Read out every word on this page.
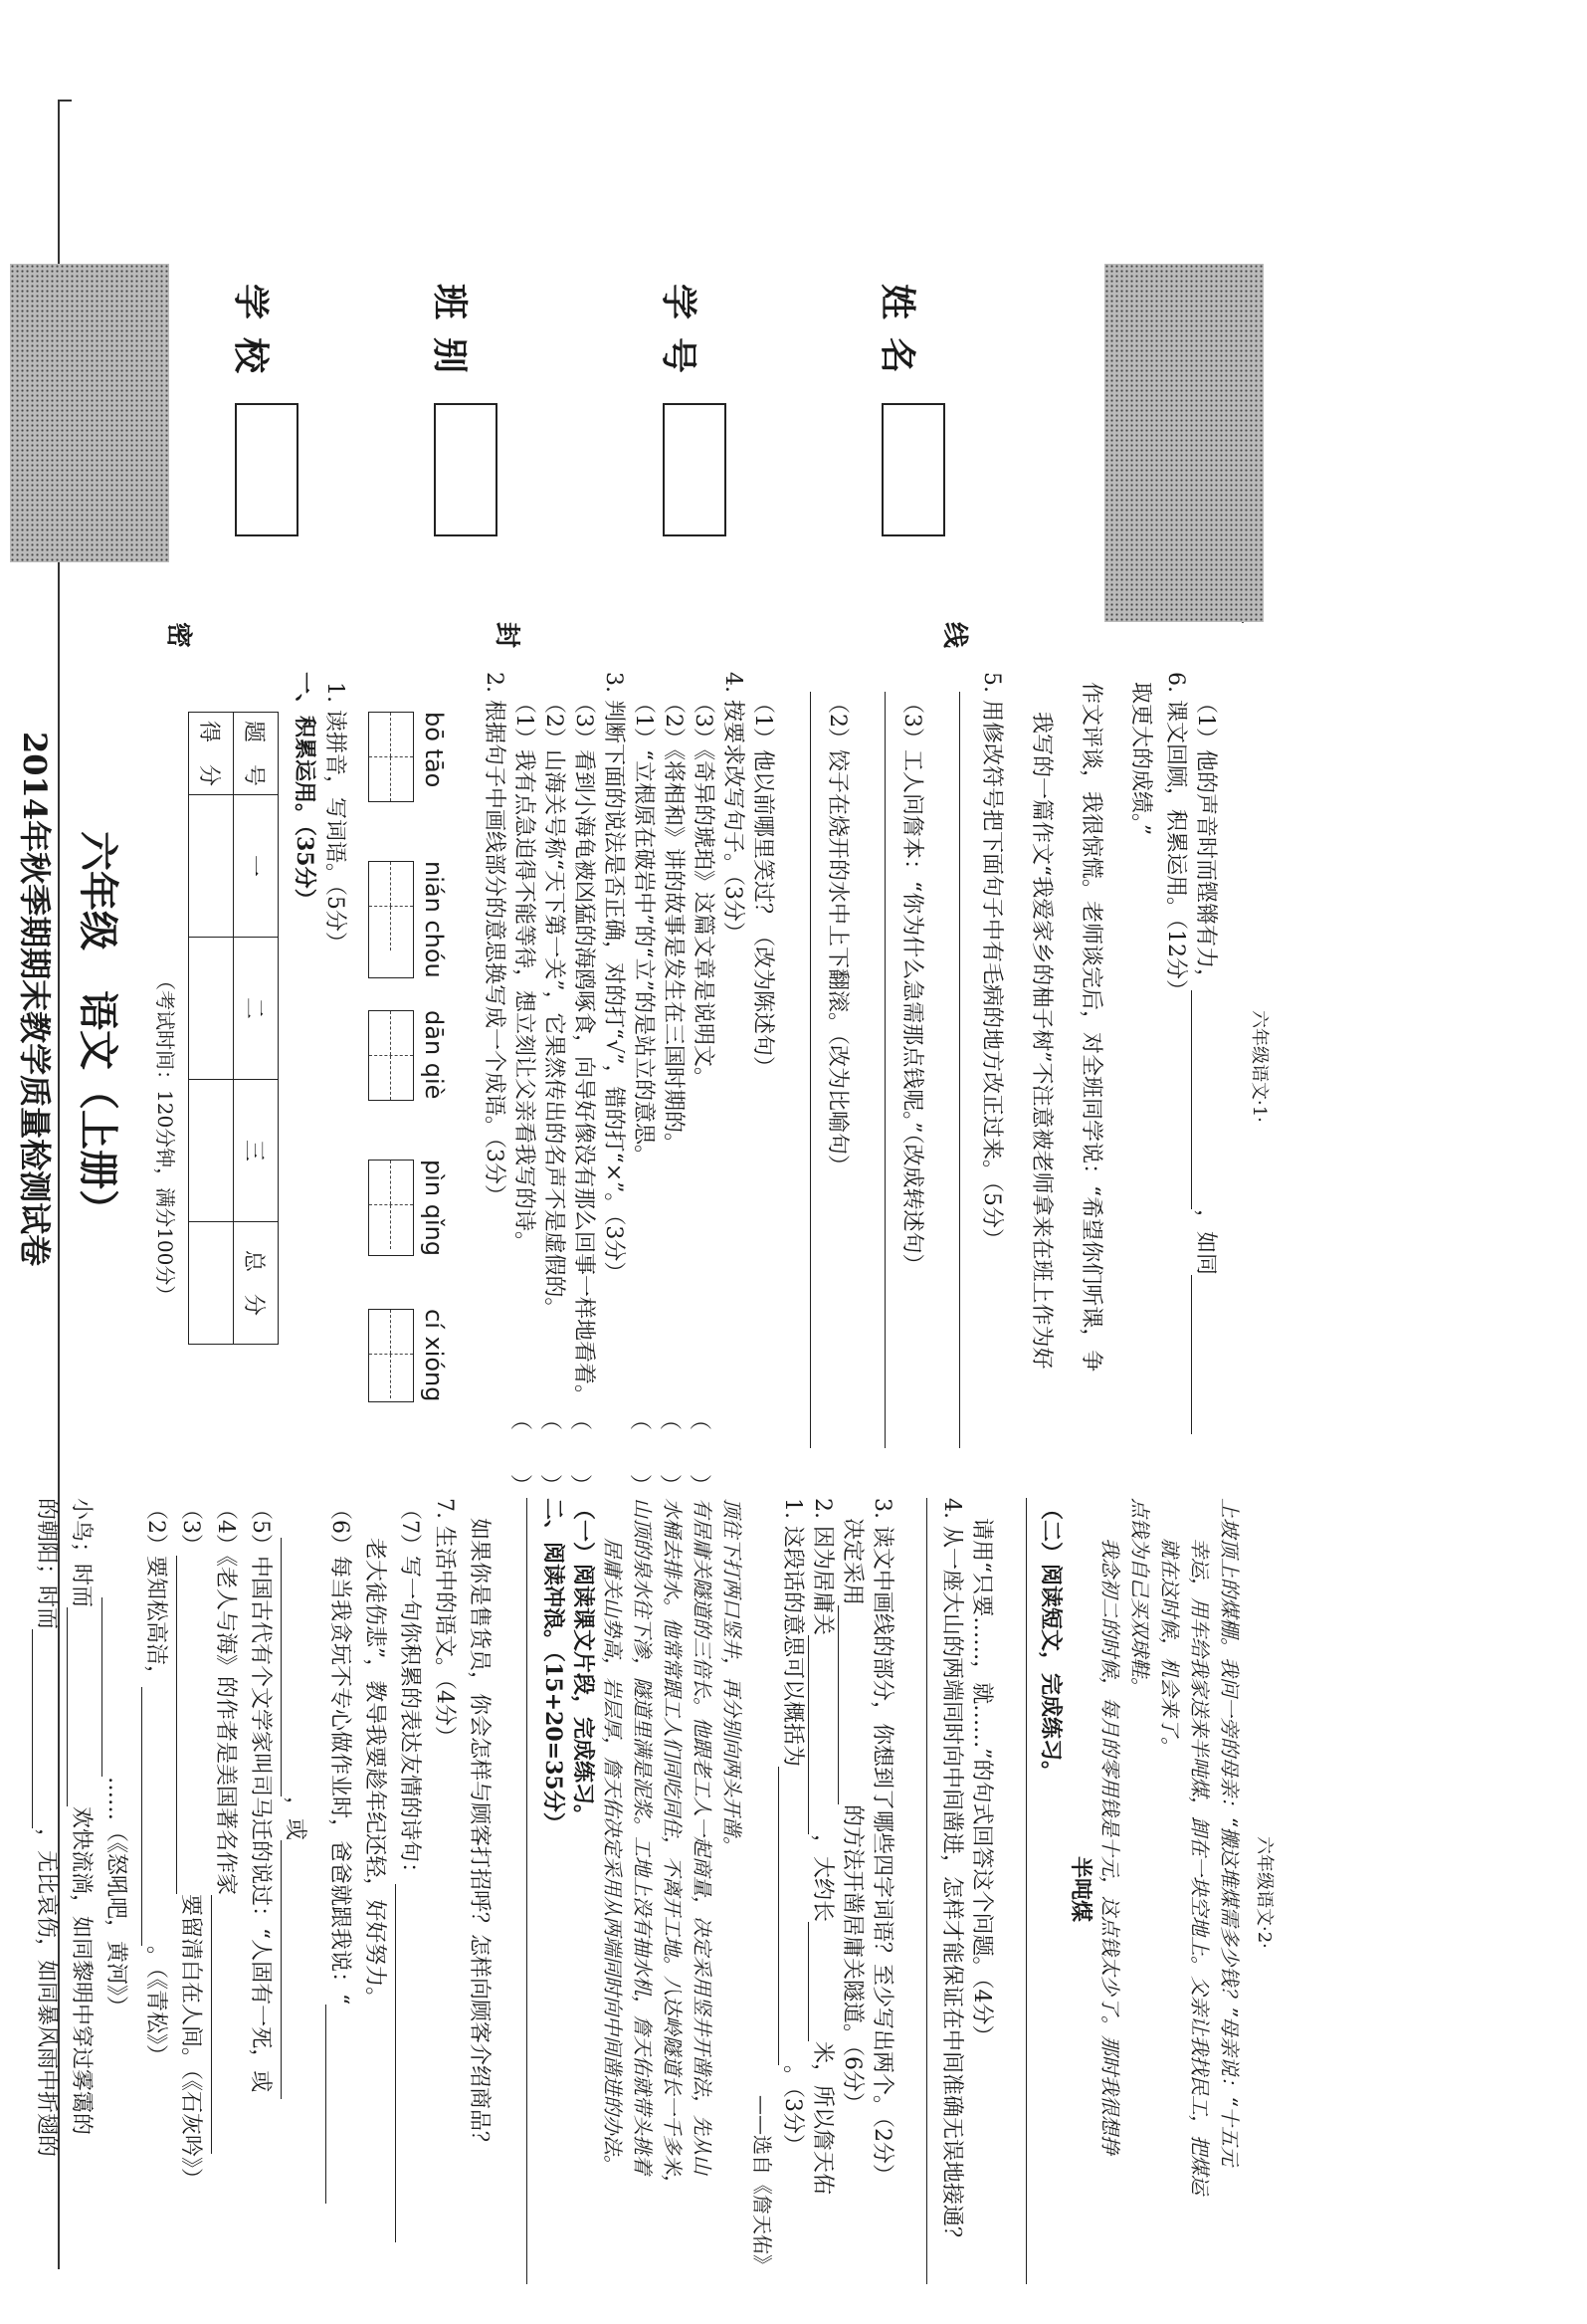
学校	班别	学号	姓名
密	封	线
2014年秋季期期末教学质量检测试卷 六年级　语文（上册）	（考试时间：120分钟，满分100分）
题　号	一	二	三	总　分
得　分					一、积累运用。（35分） 1. 读拼音，写词语。（5分）	bō tāo
nián chóu
dān qiè
pìn qǐng
cí xióng
2. 根据句子中画线部分的意思换写成一个成语。（3分） （1）我有点急迫得不能等待，想立刻让父亲看我写的诗。 （2）山海关号称“天下第一关”，它果然传出的名声不是虚假的。 （3）看到小海龟被凶猛的海鸥啄食，向导好像没有那么回事一样地看着。
（　　） （　　） （　　）
3. 判断下面的说法是否正确，对的打“√”，错的打“×”。（3分） （1）“立根原在破岩中”的“立”的是站立的意思。 （2）《将相和》讲的故事是发生在三国时期的。 （3）《奇异的琥珀》这篇文章是说明文。
（　　） （　　） （　　）
4. 按要求改写句子。（3分） （1）他以前哪里笑过？（改为陈述句） （2）饺子在烧开的水中上下翻滚。（改为比喻句） （3）工人问詹本：“你为什么急需那点钱呢。”（改成转述句）	5. 用修改符号把下面句子中有毛病的地方改正过来。（5分） 我写的一篇作文“我爱家乡的柚子树”不注意被老师拿来在班上作为好 作文评谈，我很惊慌。老师谈完后，对全班同学说：“希望你们听课，争 取更大的成绩。” 6. 课文回顾，积累运用。（12分） （1）他的声音时而铿锵有力，，如同
六年级语文·1·
的朝阳；时而，无比哀伤，如同暴风雨中折翅的
小鸟；时而欢快流淌，如同黎明中穿过雾霭的 ……（《怒吼吧，黄河》）
（2）要知松高洁，。（《青松》）
（3）要留清白在人间。（《石灰吟》）
（4）《老人与海》的作者是美国著名作家 （5）中国古代有个文学家叫司马迁的说过：“人固有一死，或 ，或 （6）每当我贪玩不专心做作业时，爸爸就跟我说：“ 老大徒伤悲”，教导我要趁年纪还轻，好好努力。 （7）写一句你积累的表达友情的诗句： 7. 生活中的语文。（4分） 如果你是售货员，你会怎样与顾客打招呼？怎样向顾客介绍商品？ 二、阅读冲浪。（15+20=35分） （一）阅读课文片段，完成练习。 居庸关山势高，岩层厚，詹天佑决定采用从两端同时向中间凿进的办法。 山顶的泉水往下渗，隧道里满是泥浆。工地上没有抽水机，詹天佑就带头挑着 水桶去排水。他常常跟工人们同吃同住，不离开工地。八达岭隧道长一千多米， 有居庸关隧道的三倍长。他跟老工人一起商量，决定采用竖井开凿法，先从山 顶往下打两口竖井，再分别向两头开凿。
——选自《詹天佑》
1. 这段话的意思可以概括为。（3分）
2. 因为居庸关，大约长米，所以詹天佑
决定采用的方法开凿居庸关隧道。（6分） 3. 读文中画线的部分，你想到了哪些四字词语？至少写出两个。（2分） 4. 从一座大山的两端同时向中间凿进，怎样才能保证在中间准确无误地接通？ 请用“只要……，就……”的句式回答这个问题。（4分） （二）阅读短文，完成练习。
半吨煤 我念初二的时候，每月的零用钱是十元，这点钱太少了。那时我很想挣 点钱为自己买双球鞋。 就在这时候，机会来了。 幸运，用车给我家送来半吨煤，卸在一块空地上。父亲让我找民工，把煤运 上坡顶上的煤棚。我问一旁的母亲：“搬这堆煤需多少钱？”母亲说：“十五元 六年级语文·2·
